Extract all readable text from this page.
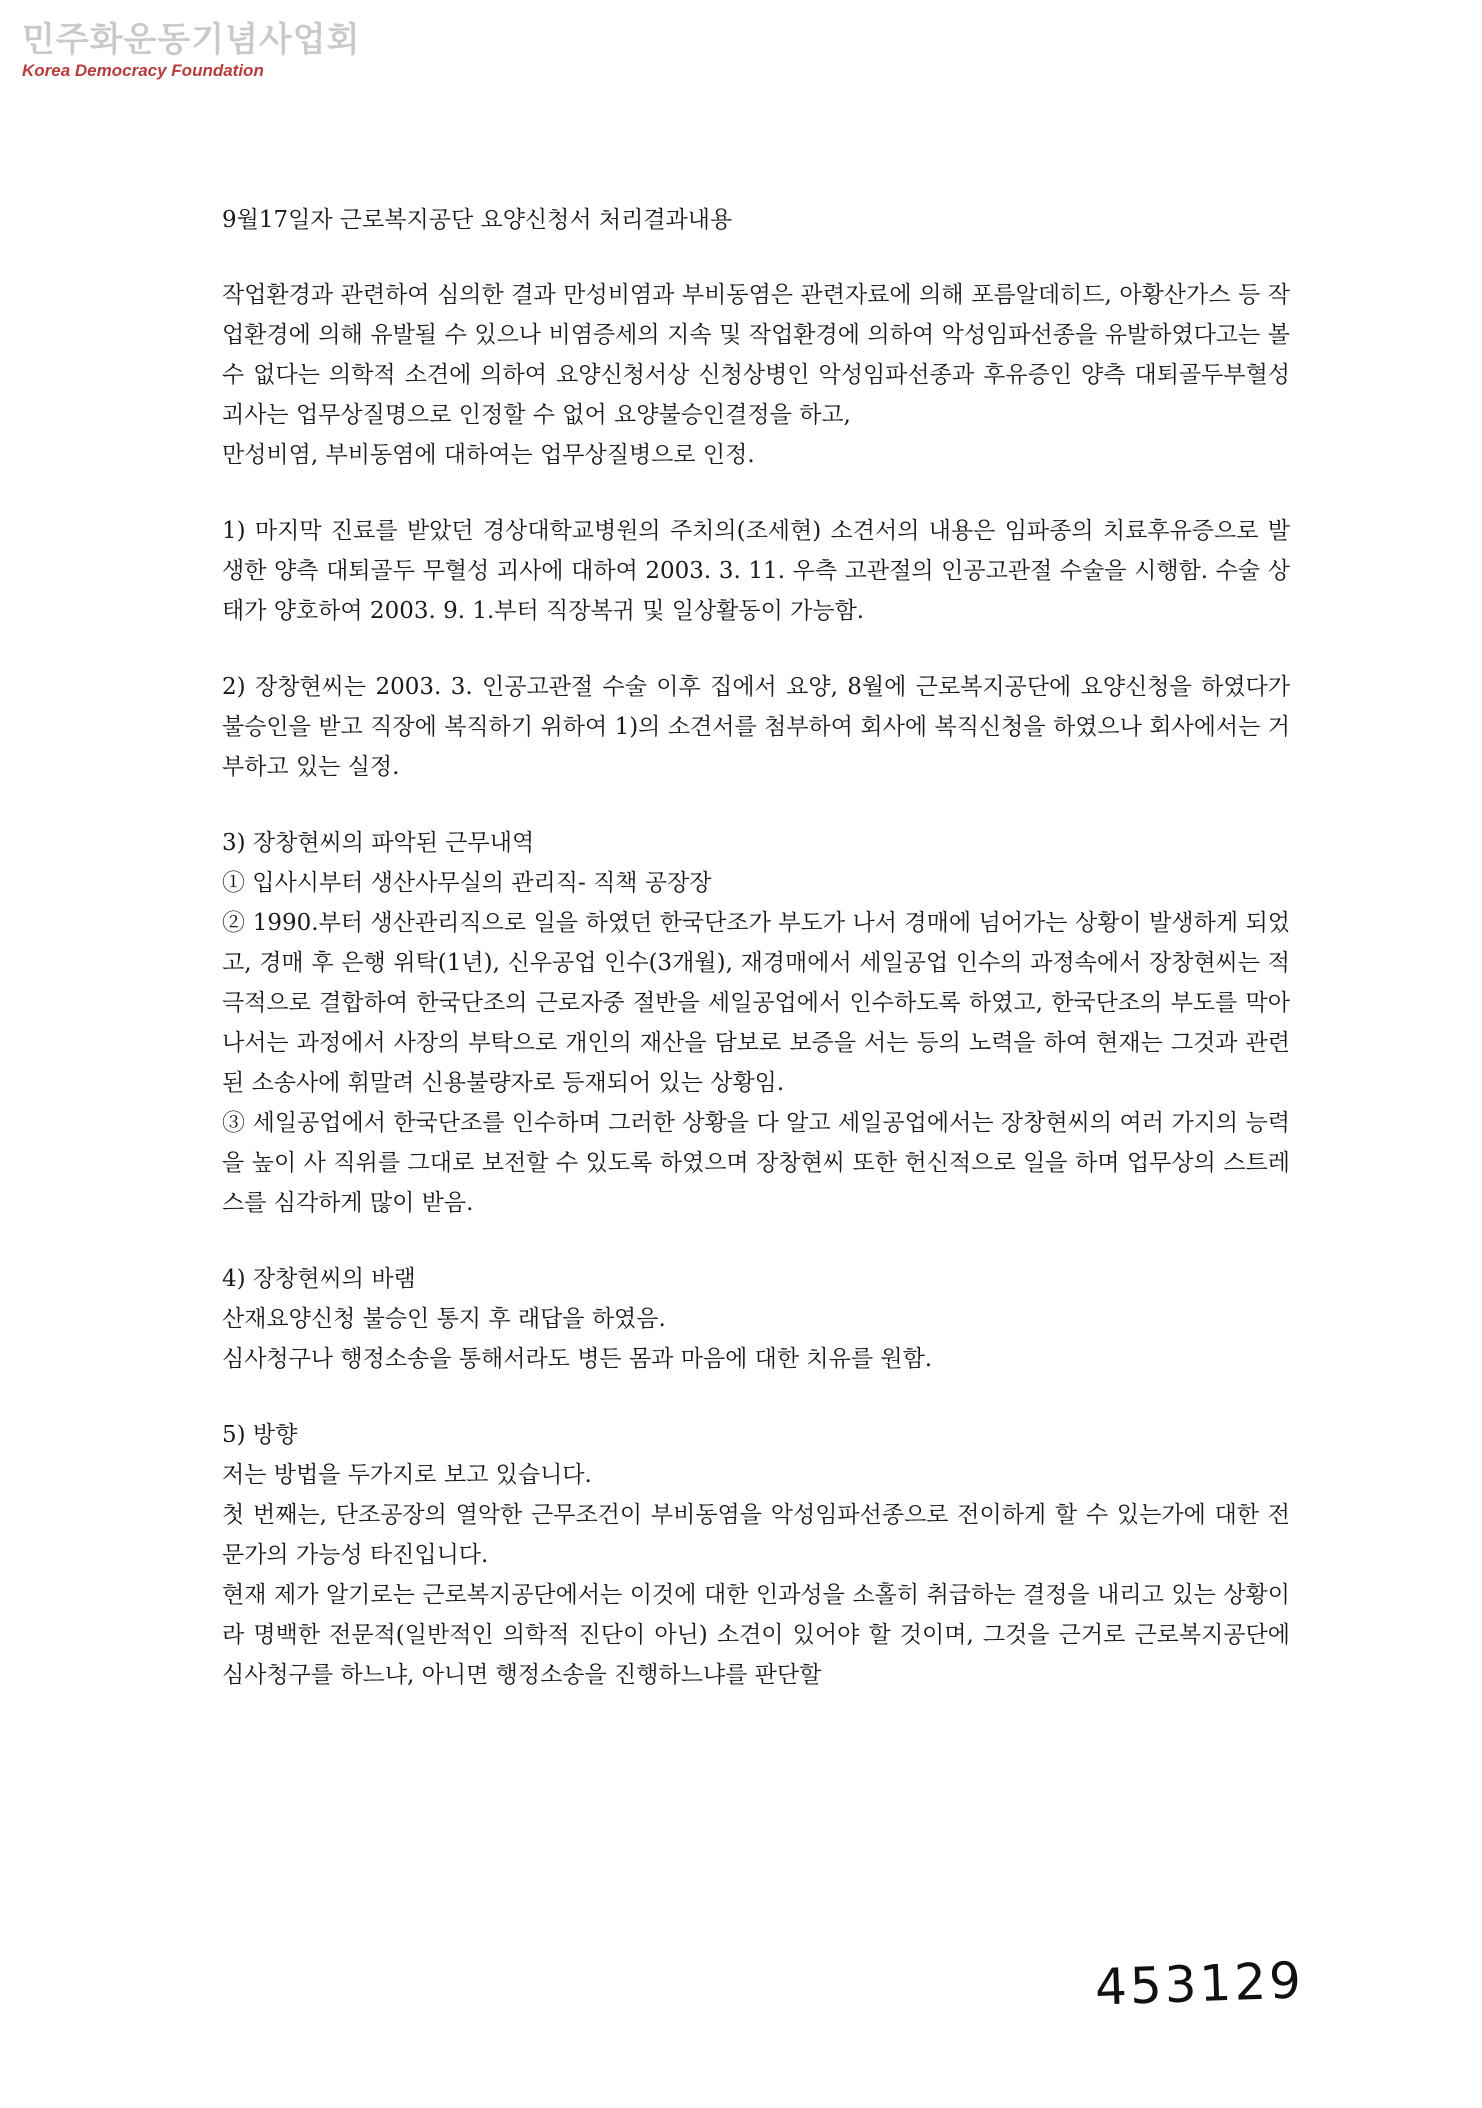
민주화운동기념사업회
Korea Democracy Foundation

9월17일자 근로복지공단 요양신청서 처리결과내용

작업환경과 관련하여 심의한 결과 만성비염과 부비동염은 관련자료에 의해 포름알데히드, 아황산가스 등 작업환경에 의해 유발될 수 있으나 비염증세의 지속 및 작업환경에 의하여 악성임파선종을 유발하였다고는 볼 수 없다는 의학적 소견에 의하여 요양신청서상 신청상병인 악성임파선종과 후유증인 양측 대퇴골두부혈성괴사는 업무상질명으로 인정할 수 없어 요양불승인결정을 하고,

만성비염, 부비동염에 대하여는 업무상질병으로 인정.

1) 마지막 진료를 받았던 경상대학교병원의 주치의(조세현) 소견서의 내용은 임파종의 치료후유증으로 발생한 양측 대퇴골두 무혈성 괴사에 대하여 2003. 3. 11. 우측 고관절의 인공고관절 수술을 시행함. 수술 상태가 양호하여 2003. 9. 1.부터 직장복귀 및 일상활동이 가능함.

2) 장창현씨는 2003. 3. 인공고관절 수술 이후 집에서 요양, 8월에 근로복지공단에 요양신청을 하였다가 불승인을 받고 직장에 복직하기 위하여 1)의 소견서를 첨부하여 회사에 복직신청을 하였으나 회사에서는 거부하고 있는 실정.

3) 장창현씨의 파악된 근무내역

① 입사시부터 생산사무실의 관리직- 직책 공장장

② 1990.부터 생산관리직으로 일을 하였던 한국단조가 부도가 나서 경매에 넘어가는 상황이 발생하게 되었고, 경매 후 은행 위탁(1년), 신우공업 인수(3개월), 재경매에서 세일공업 인수의 과정속에서 장창현씨는 적극적으로 결합하여 한국단조의 근로자중 절반을 세일공업에서 인수하도록 하였고, 한국단조의 부도를 막아나서는 과정에서 사장의 부탁으로 개인의 재산을 담보로 보증을 서는 등의 노력을 하여 현재는 그것과 관련된 소송사에 휘말려 신용불량자로 등재되어 있는 상황임.

③ 세일공업에서 한국단조를 인수하며 그러한 상황을 다 알고 세일공업에서는 장창현씨의 여러 가지의 능력을 높이 사 직위를 그대로 보전할 수 있도록 하였으며 장창현씨 또한 헌신적으로 일을 하며 업무상의 스트레스를 심각하게 많이 받음.

4) 장창현씨의 바램

산재요양신청 불승인 통지 후 래답을 하였음.

심사청구나 행정소송을 통해서라도 병든 몸과 마음에 대한 치유를 원함.

5) 방향

저는 방법을 두가지로 보고 있습니다.

첫 번째는, 단조공장의 열악한 근무조건이 부비동염을 악성임파선종으로 전이하게 할 수 있는가에 대한 전문가의 가능성 타진입니다.

현재 제가 알기로는 근로복지공단에서는 이것에 대한 인과성을 소홀히 취급하는 결정을 내리고 있는 상황이라 명백한 전문적(일반적인 의학적 진단이 아닌) 소견이 있어야 할 것이며, 그것을 근거로 근로복지공단에 심사청구를 하느냐, 아니면 행정소송을 진행하느냐를 판단할

453129
